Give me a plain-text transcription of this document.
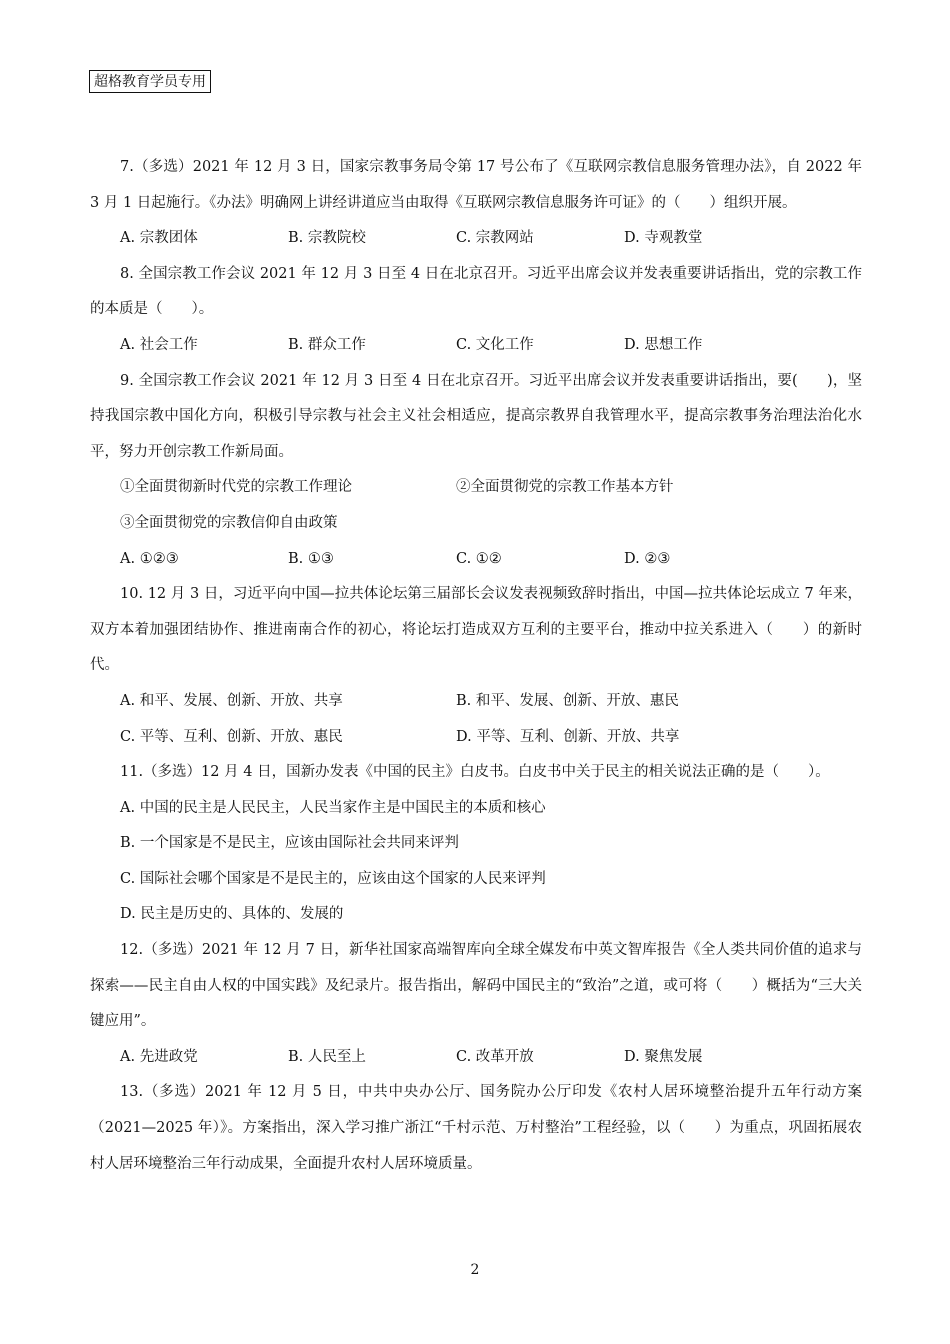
超格教育学员专用

7.（多选）2021 年 12 月 3 日，国家宗教事务局令第 17 号公布了《互联网宗教信息服务管理办法》，自 2022 年 3 月 1 日起施行。《办法》明确网上讲经讲道应当由取得《互联网宗教信息服务许可证》的（　　）组织开展。

A. 宗教团体	B. 宗教院校	C. 宗教网站	D. 寺观教堂

8. 全国宗教工作会议 2021 年 12 月 3 日至 4 日在北京召开。习近平出席会议并发表重要讲话指出，党的宗教工作的本质是（　　）。

A. 社会工作	B. 群众工作	C. 文化工作	D. 思想工作

9. 全国宗教工作会议 2021 年 12 月 3 日至 4 日在北京召开。习近平出席会议并发表重要讲话指出，要(　　)，坚持我国宗教中国化方向，积极引导宗教与社会主义社会相适应，提高宗教界自我管理水平，提高宗教事务治理法治化水平，努力开创宗教工作新局面。

①全面贯彻新时代党的宗教工作理论	②全面贯彻党的宗教工作基本方针

③全面贯彻党的宗教信仰自由政策

A. ①②③	B. ①③	C. ①②	D. ②③

10. 12 月 3 日，习近平向中国—拉共体论坛第三届部长会议发表视频致辞时指出，中国—拉共体论坛成立 7 年来，双方本着加强团结协作、推进南南合作的初心，将论坛打造成双方互利的主要平台，推动中拉关系进入（　　）的新时代。

A. 和平、发展、创新、开放、共享	B. 和平、发展、创新、开放、惠民
C. 平等、互利、创新、开放、惠民	D. 平等、互利、创新、开放、共享

11.（多选）12 月 4 日，国新办发表《中国的民主》白皮书。白皮书中关于民主的相关说法正确的是（　　）。

A. 中国的民主是人民民主，人民当家作主是中国民主的本质和核心

B. 一个国家是不是民主，应该由国际社会共同来评判

C. 国际社会哪个国家是不是民主的，应该由这个国家的人民来评判

D. 民主是历史的、具体的、发展的

12.（多选）2021 年 12 月 7 日，新华社国家高端智库向全球全媒发布中英文智库报告《全人类共同价值的追求与探索——民主自由人权的中国实践》及纪录片。报告指出，解码中国民主的“致治”之道，或可将（　　）概括为“三大关键应用”。

A. 先进政党	B. 人民至上	C. 改革开放	D. 聚焦发展

13.（多选）2021 年 12 月 5 日，中共中央办公厅、国务院办公厅印发《农村人居环境整治提升五年行动方案（2021—2025 年）》。方案指出，深入学习推广浙江“千村示范、万村整治”工程经验，以（　　）为重点，巩固拓展农村人居环境整治三年行动成果，全面提升农村人居环境质量。

2
